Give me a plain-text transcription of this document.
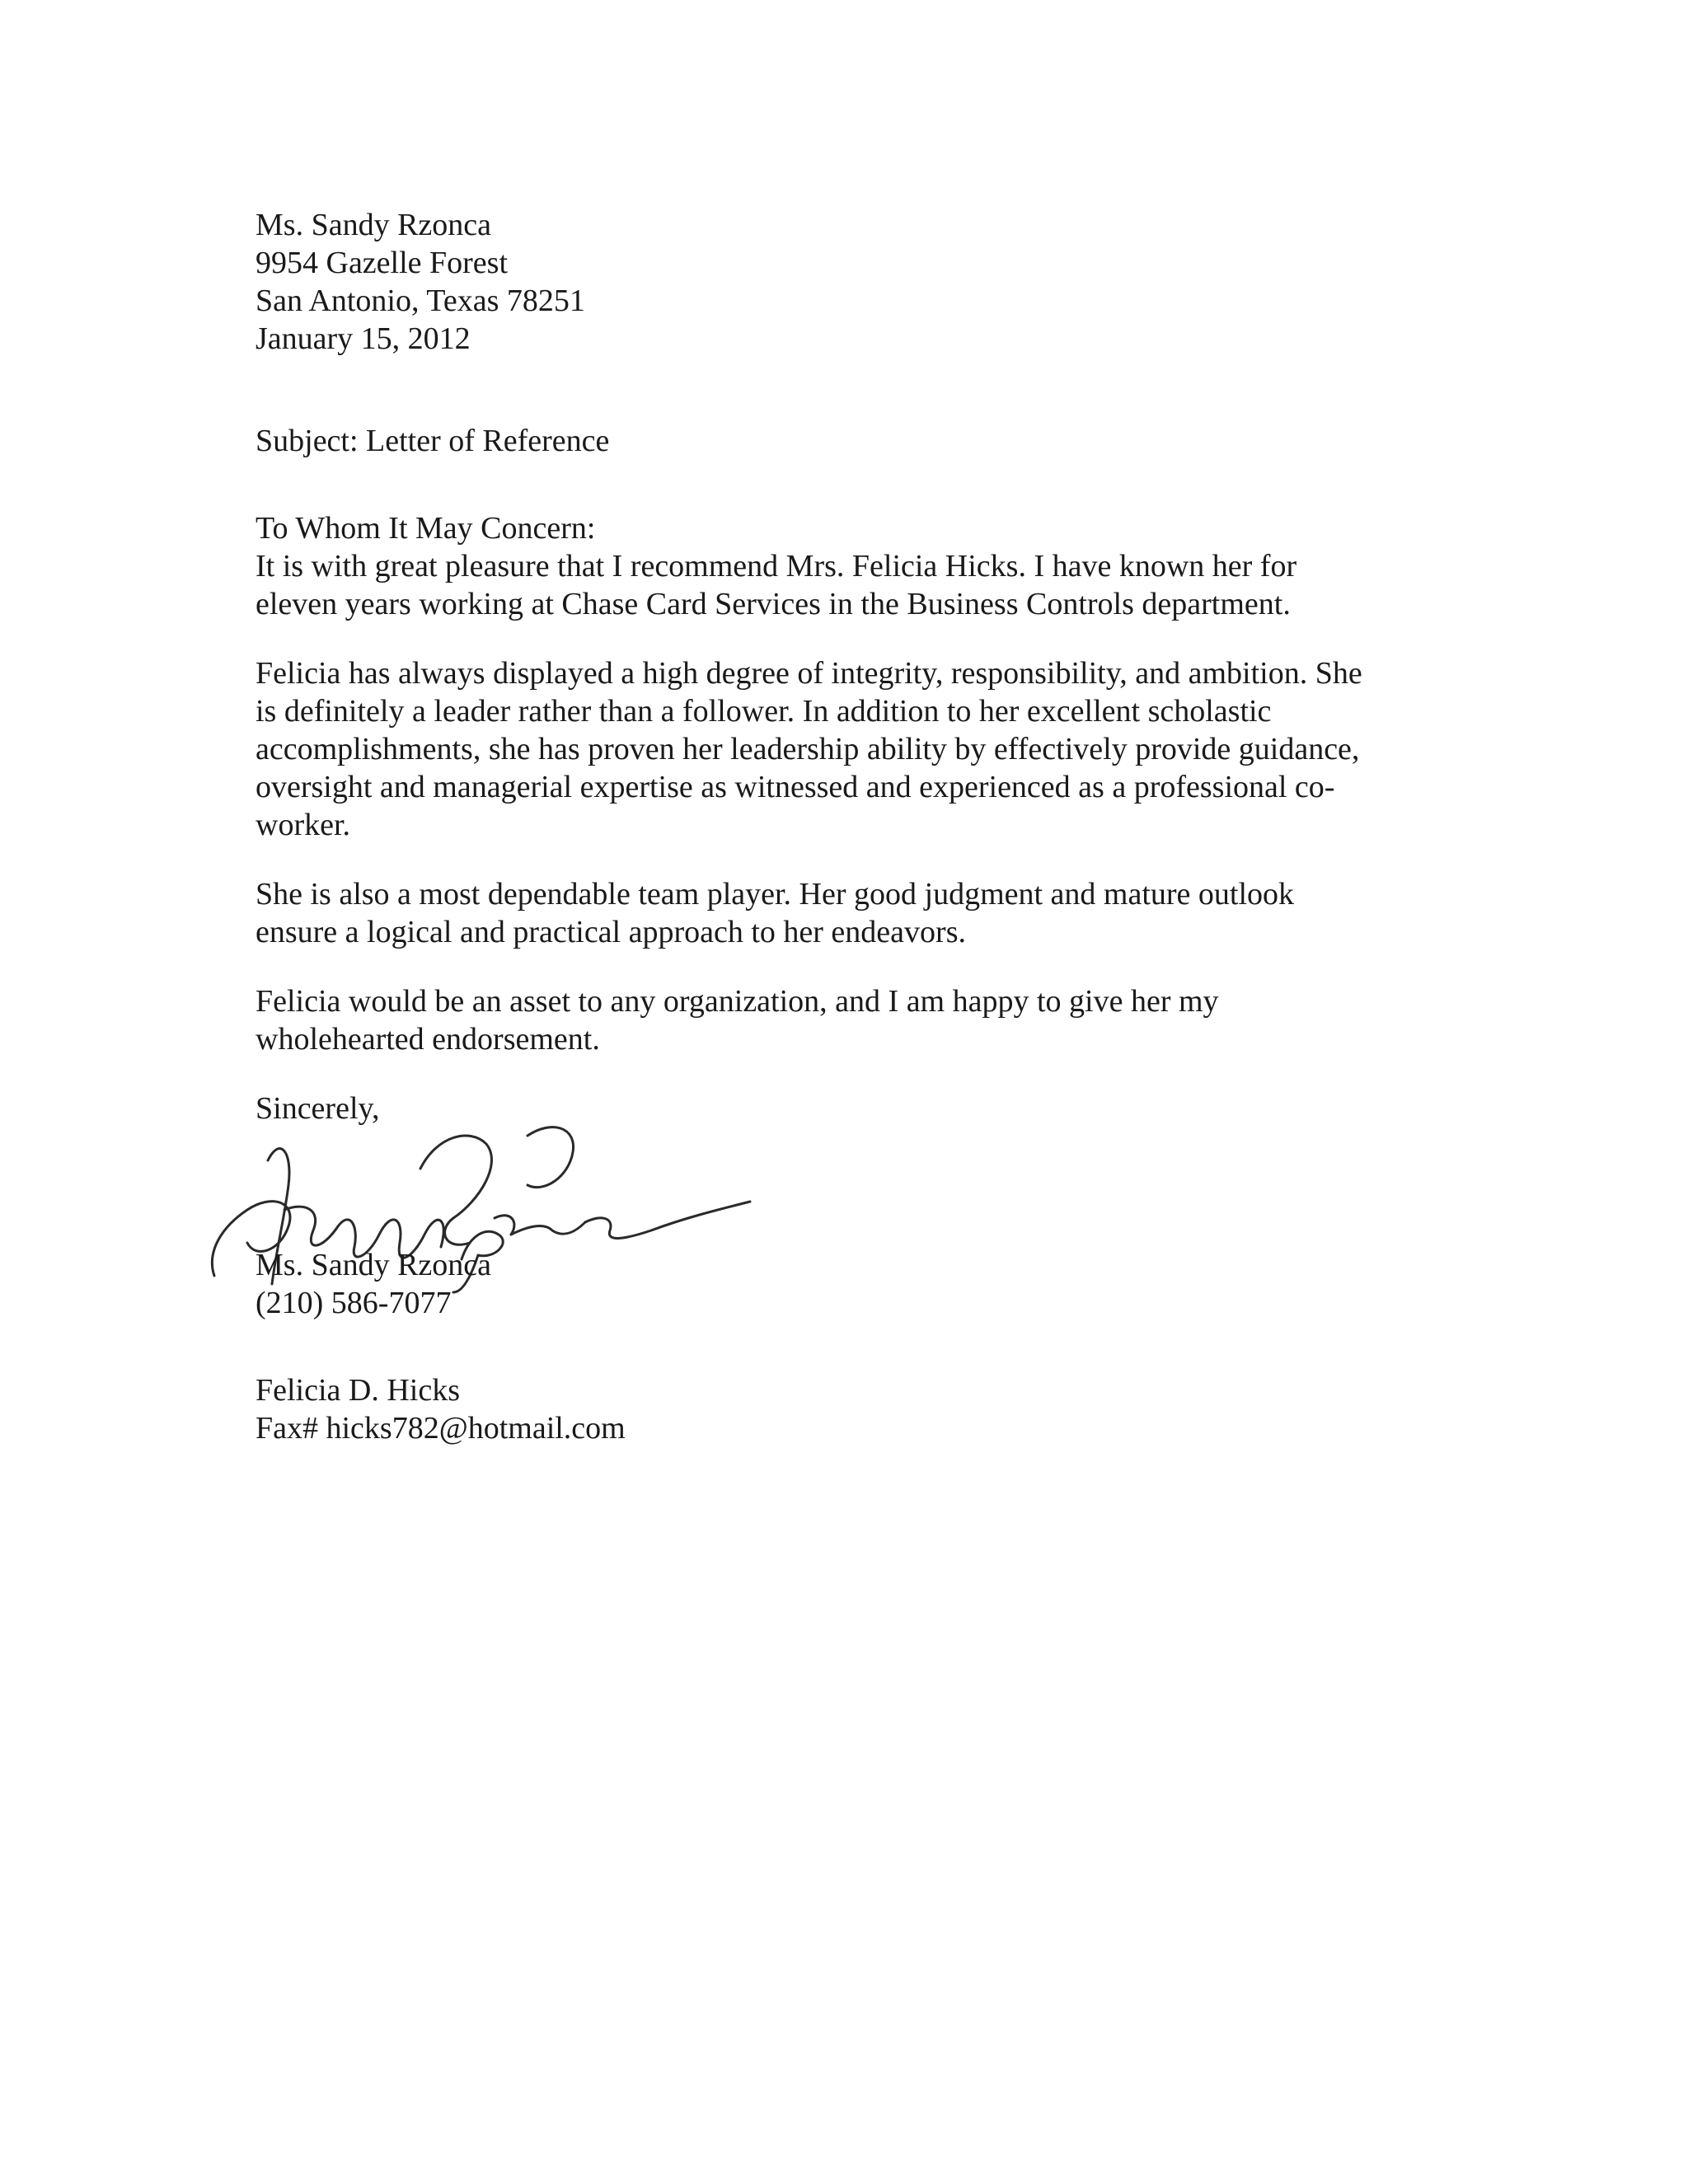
Ms. Sandy Rzonca
9954 Gazelle Forest
San Antonio, Texas 78251
January 15, 2012
Subject: Letter of Reference
To Whom It May Concern:
It is with great pleasure that I recommend Mrs. Felicia Hicks. I have known her for
eleven years working at Chase Card Services in the Business Controls department.
Felicia has always displayed a high degree of integrity, responsibility, and ambition. She
is definitely a leader rather than a follower. In addition to her excellent scholastic
accomplishments, she has proven her leadership ability by effectively provide guidance,
oversight and managerial expertise as witnessed and experienced as a professional co-
worker.
She is also a most dependable team player. Her good judgment and mature outlook
ensure a logical and practical approach to her endeavors.
Felicia would be an asset to any organization, and I am happy to give her my
wholehearted endorsement.
Sincerely,
Ms. Sandy Rzonca
(210) 586-7077
Felicia D. Hicks
Fax# hicks782@hotmail.com
